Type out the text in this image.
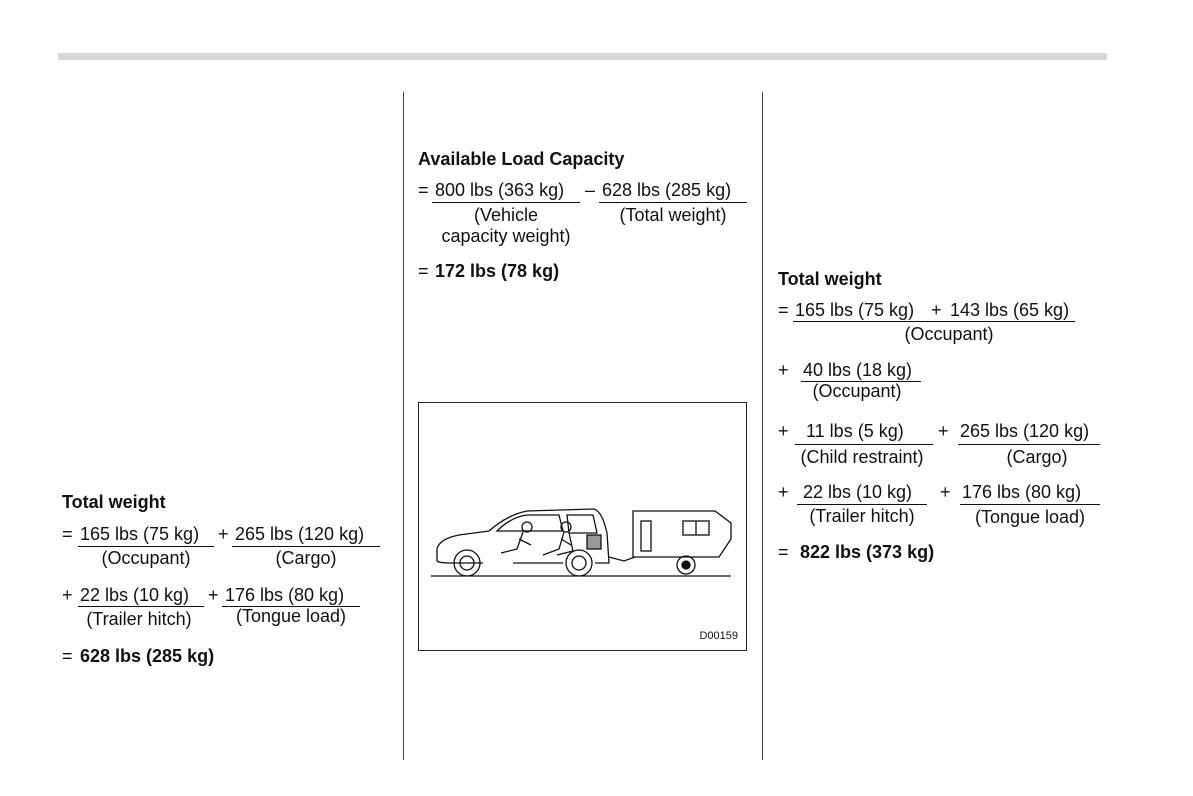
Total weight
= 165 lbs (75 kg) + 265 lbs (120 kg)
(Occupant)	(Cargo)
+ 22 lbs (10 kg) + 176 lbs (80 kg)
(Trailer hitch)	(Tongue load)
= 628 lbs (285 kg)
Available Load Capacity
= 800 lbs (363 kg) – 628 lbs (285 kg)
(Vehicle
capacity weight)
(Total weight)
= 172 lbs (78 kg)
D00159
Total weight
= 165 lbs (75 kg) + 143 lbs (65 kg)
(Occupant)
+ 40 lbs (18 kg)
(Occupant)
+ 11 lbs (5 kg) + 265 lbs (120 kg)
(Child restraint)	(Cargo)
+ 22 lbs (10 kg) + 176 lbs (80 kg)
(Trailer hitch)	(Tongue load)
= 822 lbs (373 kg)
